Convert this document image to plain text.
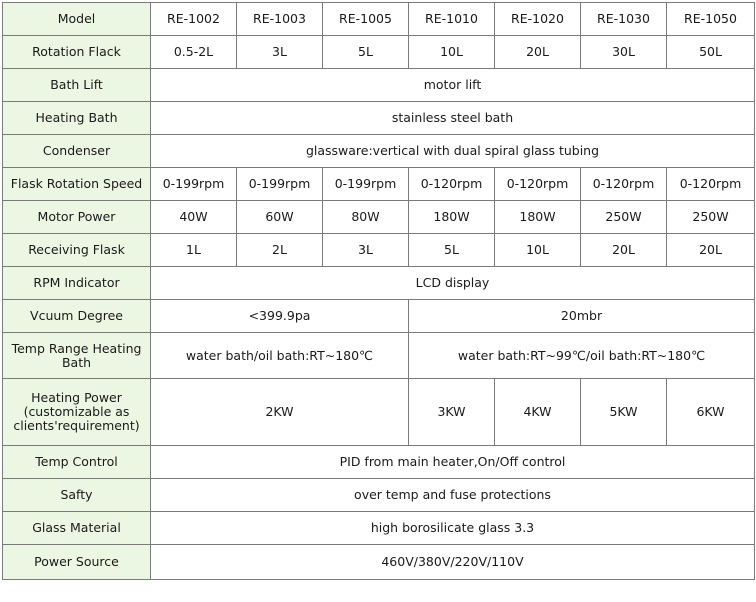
Model	RE-1002	RE-1003	RE-1005	RE-1010	RE-1020	RE-1030	RE-1050
Rotation Flack	0.5-2L	3L	5L	10L	20L	30L	50L
Bath Lift	motor lift						
Heating Bath	stainless steel bath						
Condenser	glassware:vertical with dual spiral glass tubing						
Flask Rotation Speed	0-199rpm	0-199rpm	0-199rpm	0-120rpm	0-120rpm	0-120rpm	0-120rpm
Motor Power	40W	60W	80W	180W	180W	250W	250W
Receiving Flask	1L	2L	3L	5L	10L	20L	20L
RPM Indicator	LCD display						
Vcuum Degree	<399.9pa			20mbr			

Temp Range Heating
Bath	water bath/oil bath:RT~180℃			water bath:RT~99℃/oil bath:RT~180℃			

Heating Power
(customizable as
clients'requirement)	2KW			3KW	4KW	5KW	6KW
Temp Control	PID from main heater,On/Off control						
Safty	over temp and fuse protections						
Glass Material	high borosilicate glass 3.3						
Power Source	460V/380V/220V/110V						
